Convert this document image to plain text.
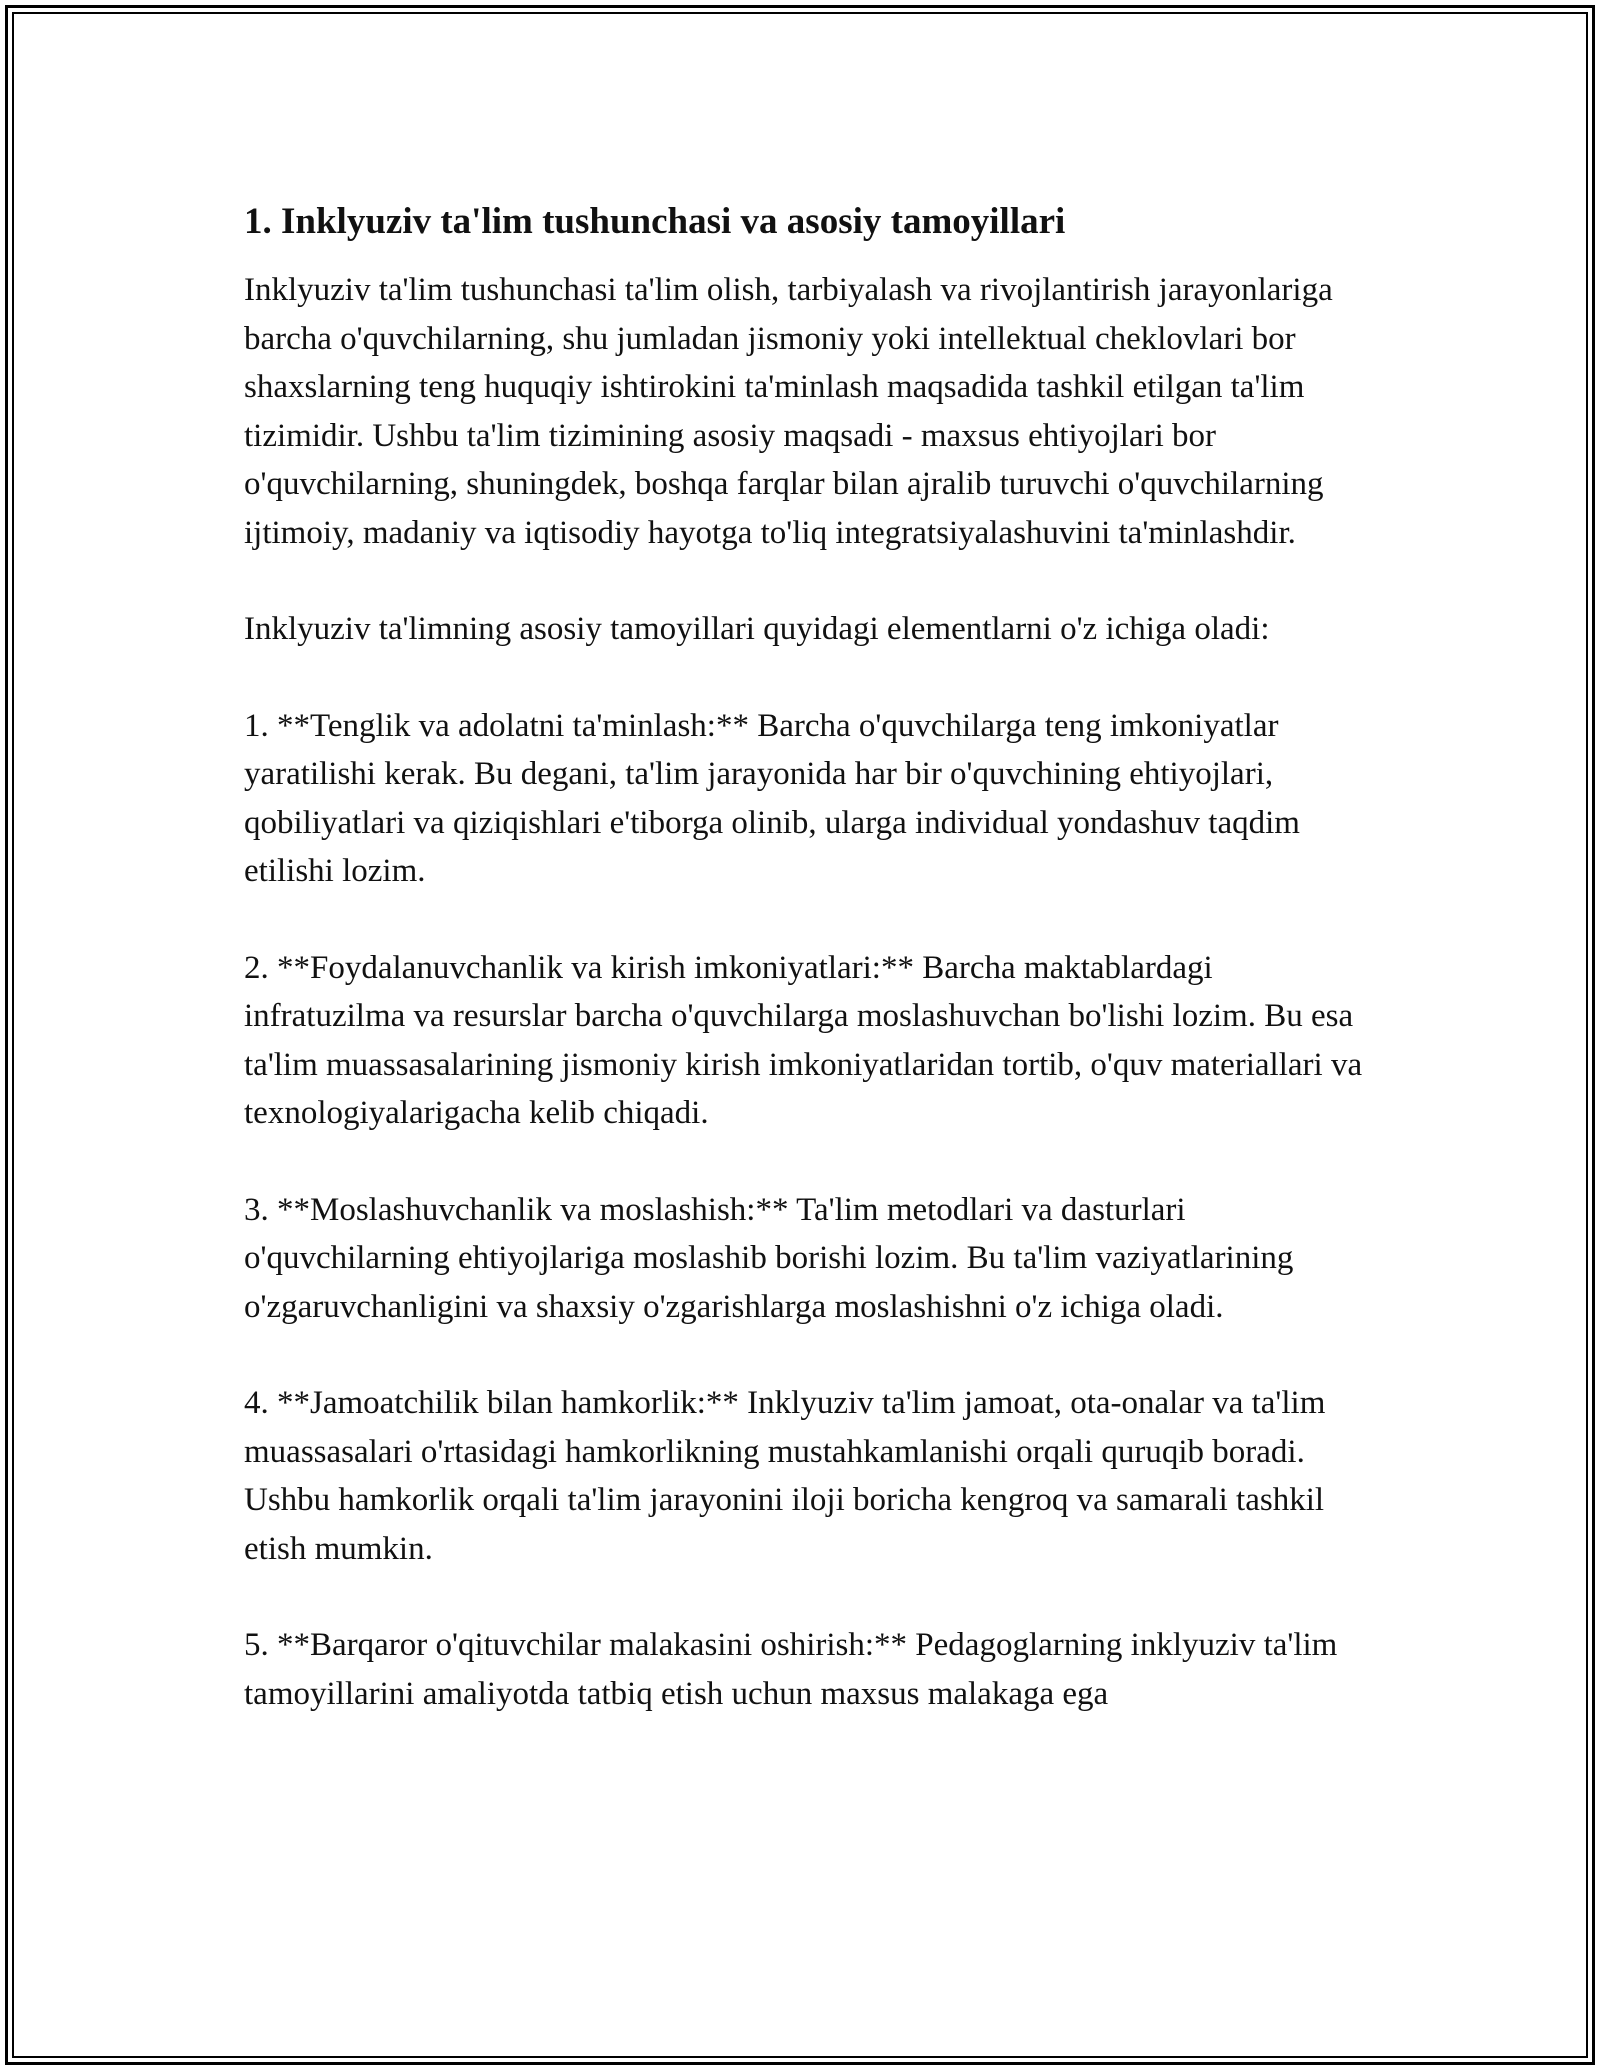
1. Inklyuziv ta'lim tushunchasi va asosiy tamoyillari

Inklyuziv ta'lim tushunchasi ta'lim olish, tarbiyalash va rivojlantirish jarayonlariga barcha o'quvchilarning, shu jumladan jismoniy yoki intellektual cheklovlari bor shaxslarning teng huquqiy ishtirokini ta'minlash maqsadida tashkil etilgan ta'lim tizimidir. Ushbu ta'lim tizimining asosiy maqsadi - maxsus ehtiyojlari bor o'quvchilarning, shuningdek, boshqa farqlar bilan ajralib turuvchi o'quvchilarning ijtimoiy, madaniy va iqtisodiy hayotga to'liq integratsiyalashuvini ta'minlashdir.

Inklyuziv ta'limning asosiy tamoyillari quyidagi elementlarni o'z ichiga oladi:

1. **Tenglik va adolatni ta'minlash:** Barcha o'quvchilarga teng imkoniyatlar yaratilishi kerak. Bu degani, ta'lim jarayonida har bir o'quvchining ehtiyojlari, qobiliyatlari va qiziqishlari e'tiborga olinib, ularga individual yondashuv taqdim etilishi lozim.

2. **Foydalanuvchanlik va kirish imkoniyatlari:** Barcha maktablardagi infratuzilma va resurslar barcha o'quvchilarga moslashuvchan bo'lishi lozim. Bu esa ta'lim muassasalarining jismoniy kirish imkoniyatlaridan tortib, o'quv materiallari va texnologiyalarigacha kelib chiqadi.

3. **Moslashuvchanlik va moslashish:** Ta'lim metodlari va dasturlari o'quvchilarning ehtiyojlariga moslashib borishi lozim. Bu ta'lim vaziyatlarining o'zgaruvchanligini va shaxsiy o'zgarishlarga moslashishni o'z ichiga oladi.

4. **Jamoatchilik bilan hamkorlik:** Inklyuziv ta'lim jamoat, ota-onalar va ta'lim muassasalari o'rtasidagi hamkorlikning mustahkamlanishi orqali quruqib boradi. Ushbu hamkorlik orqali ta'lim jarayonini iloji boricha kengroq va samarali tashkil etish mumkin.

5. **Barqaror o'qituvchilar malakasini oshirish:** Pedagoglarning inklyuziv ta'lim tamoyillarini amaliyotda tatbiq etish uchun maxsus malakaga ega
